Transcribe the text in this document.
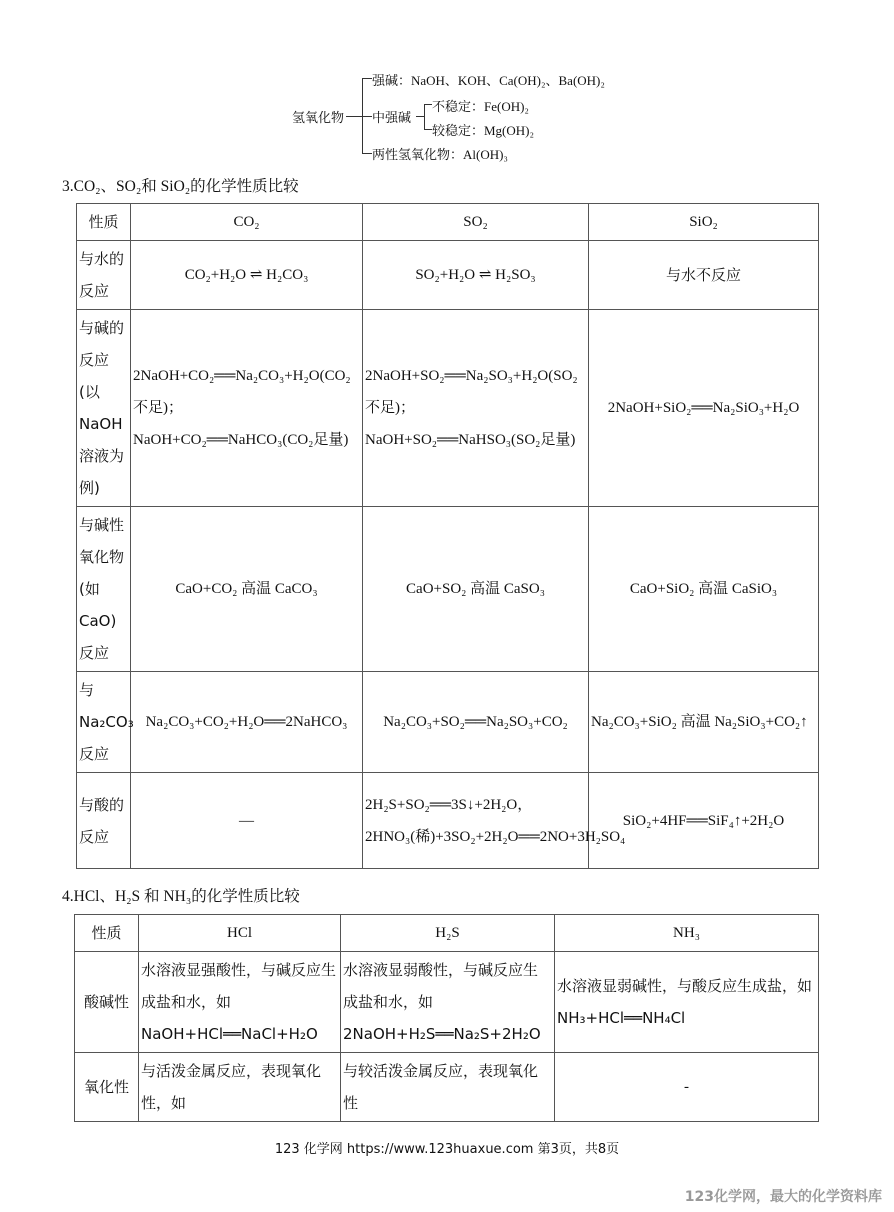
氢氧化物
强碱：NaOH、KOH、Ca(OH)₂、Ba(OH)₂
中强碱
不稳定：Fe(OH)₂
较稳定：Mg(OH)₂
两性氢氧化物：Al(OH)₃
3.CO₂、SO₂和 SiO₂的化学性质比较
性质	CO₂	SO₂	SiO₂
与水的反应	CO₂+H₂O ⇌ H₂CO₃	SO₂+H₂O ⇌ H₂SO₃	与水不反应
与碱的反应(以NaOH溶液为例)	2NaOH+CO₂══Na₂CO₃+H₂O(CO₂不足)；NaOH+CO₂══NaHCO₃(CO₂足量)	2NaOH+SO₂══Na₂SO₃+H₂O(SO₂不足)；NaOH+SO₂══NaHSO₃(SO₂足量)	2NaOH+SiO₂══Na₂SiO₃+H₂O
与碱性氧化物(如CaO)反应	CaO+CO₂ 高温 CaCO₃	CaO+SO₂ 高温 CaSO₃	CaO+SiO₂ 高温 CaSiO₃
与Na₂CO₃反应	Na₂CO₃+CO₂+H₂O══2NaHCO₃	Na₂CO₃+SO₂══Na₂SO₃+CO₂	Na₂CO₃+SiO₂ 高温 Na₂SiO₃+CO₂↑
与酸的反应	—	2H₂S+SO₂══3S↓+2H₂O，2HNO₃(稀)+3SO₂+2H₂O══2NO+3H₂SO₄	SiO₂+4HF══SiF₄↑+2H₂O
4.HCl、H₂S 和 NH₃的化学性质比较
性质	HCl	H₂S	NH₃
酸碱性	水溶液显强酸性，与碱反应生成盐和水，如NaOH+HCl══NaCl+H₂O	水溶液显弱酸性，与碱反应生成盐和水，如2NaOH+H₂S══Na₂S+2H₂O	水溶液显弱碱性，与酸反应生成盐，如 NH₃+HCl══NH₄Cl
氧化性	与活泼金属反应，表现氧化性，如	与较活泼金属反应，表现氧化性	-
123 化学网 https://www.123huaxue.com 第3页，共8页
123化学网，最大的化学资料库
